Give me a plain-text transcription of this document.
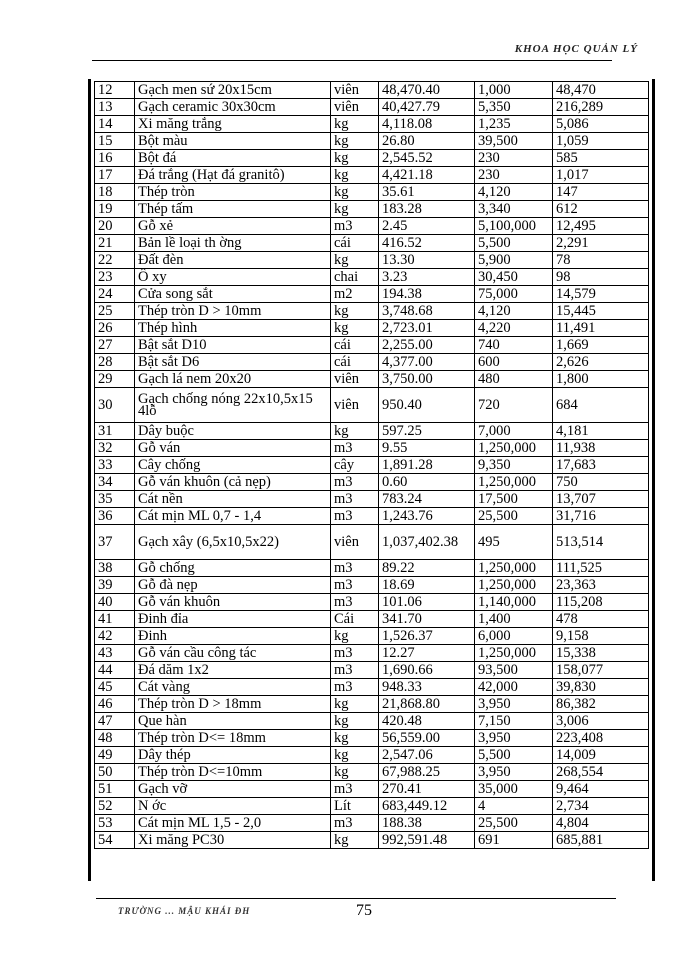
KHOA HỌC QUẢN LÝ
12	Gạch men sứ 20x15cm	viên	48,470.40	1,000	48,470
13	Gạch ceramic 30x30cm	viên	40,427.79	5,350	216,289
14	Xi măng trắng	kg	4,118.08	1,235	5,086
15	Bột màu	kg	26.80	39,500	1,059
16	Bột đá	kg	2,545.52	230	585
17	Đá trắng (Hạt đá granitô)	kg	4,421.18	230	1,017
18	Thép tròn	kg	35.61	4,120	147
19	Thép tấm	kg	183.28	3,340	612
20	Gỗ xẻ	m3	2.45	5,100,000	12,495
21	Bản lề loại th ờng	cái	416.52	5,500	2,291
22	Đất đèn	kg	13.30	5,900	78
23	Ô xy	chai	3.23	30,450	98
24	Cửa song sắt	m2	194.38	75,000	14,579
25	Thép tròn D > 10mm	kg	3,748.68	4,120	15,445
26	Thép hình	kg	2,723.01	4,220	11,491
27	Bật sắt D10	cái	2,255.00	740	1,669
28	Bật sắt D6	cái	4,377.00	600	2,626
29	Gạch lá nem 20x20	viên	3,750.00	480	1,800
30	Gạch chống nóng 22x10,5x15 4lỗ	viên	950.40	720	684
31	Dây buộc	kg	597.25	7,000	4,181
32	Gỗ ván	m3	9.55	1,250,000	11,938
33	Cây chống	cây	1,891.28	9,350	17,683
34	Gỗ ván khuôn (cả nẹp)	m3	0.60	1,250,000	750
35	Cát nền	m3	783.24	17,500	13,707
36	Cát mịn ML 0,7 - 1,4	m3	1,243.76	25,500	31,716
37	Gạch xây (6,5x10,5x22)	viên	1,037,402.38	495	513,514
38	Gỗ chống	m3	89.22	1,250,000	111,525
39	Gỗ đà nẹp	m3	18.69	1,250,000	23,363
40	Gỗ ván khuôn	m3	101.06	1,140,000	115,208
41	Đinh đỉa	Cái	341.70	1,400	478
42	Đinh	kg	1,526.37	6,000	9,158
43	Gỗ ván cầu công tác	m3	12.27	1,250,000	15,338
44	Đá dăm 1x2	m3	1,690.66	93,500	158,077
45	Cát vàng	m3	948.33	42,000	39,830
46	Thép tròn D > 18mm	kg	21,868.80	3,950	86,382
47	Que hàn	kg	420.48	7,150	3,006
48	Thép tròn D<= 18mm	kg	56,559.00	3,950	223,408
49	Dây thép	kg	2,547.06	5,500	14,009
50	Thép tròn D<=10mm	kg	67,988.25	3,950	268,554
51	Gạch vỡ	m3	270.41	35,000	9,464
52	N ớc	Lít	683,449.12	4	2,734
53	Cát mịn ML 1,5 - 2,0	m3	188.38	25,500	4,804
54	Xi măng PC30	kg	992,591.48	691	685,881
TRƯỜNG ... MẬU KHÁI ĐH	75
